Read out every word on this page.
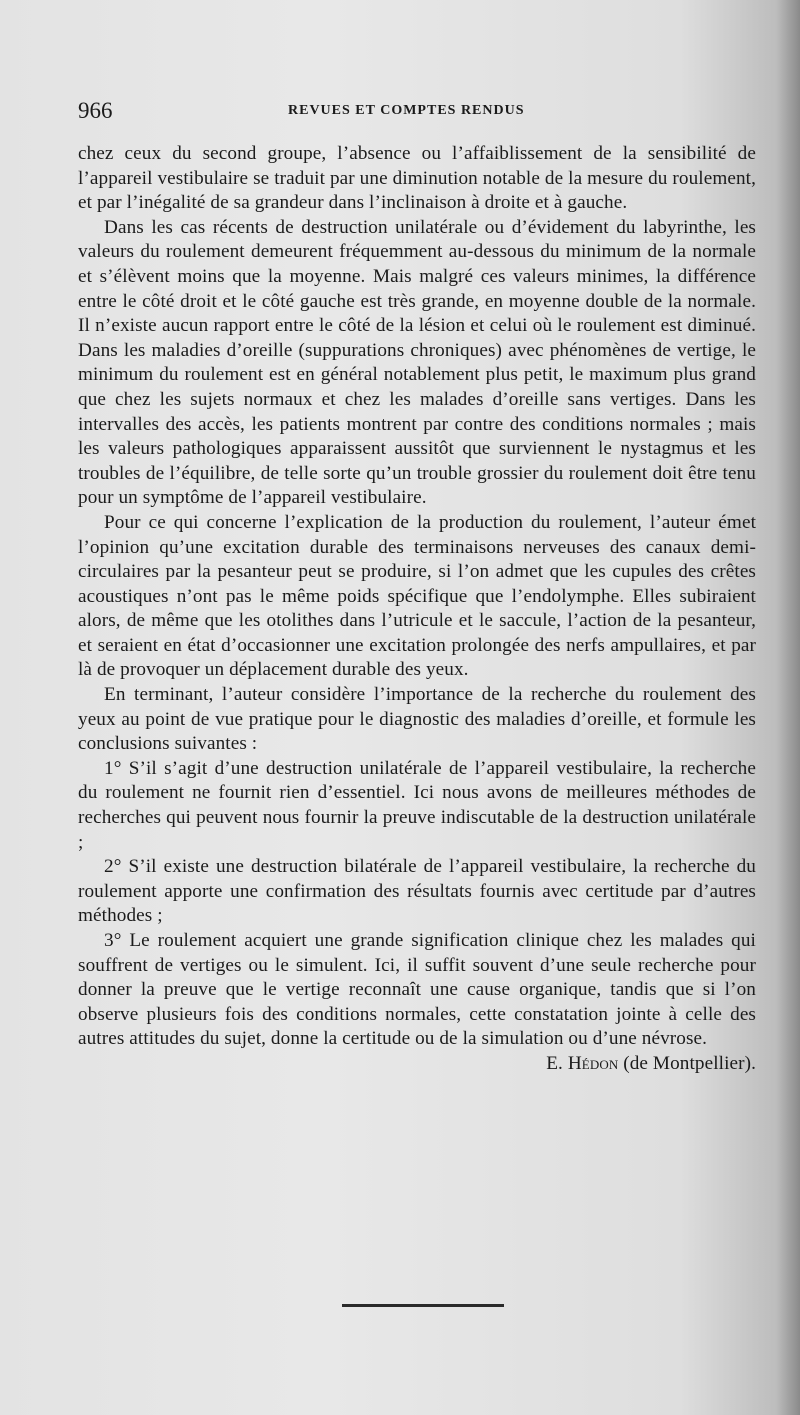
966	REVUES ET COMPTES RENDUS

chez ceux du second groupe, l’absence ou l’affaiblissement de la sensibilité de l’appareil vestibulaire se traduit par une diminution notable de la mesure du roulement, et par l’inégalité de sa grandeur dans l’inclinaison à droite et à gauche.

Dans les cas récents de destruction unilatérale ou d’évidement du labyrinthe, les valeurs du roulement demeurent fréquemment au-dessous du minimum de la normale et s’élèvent moins que la moyenne. Mais malgré ces valeurs minimes, la différence entre le côté droit et le côté gauche est très grande, en moyenne double de la normale. Il n’existe aucun rapport entre le côté de la lésion et celui où le roulement est diminué. Dans les maladies d’oreille (suppurations chroniques) avec phénomènes de vertige, le minimum du roulement est en général notablement plus petit, le maximum plus grand que chez les sujets normaux et chez les malades d’oreille sans vertiges. Dans les intervalles des accès, les patients montrent par contre des conditions normales ; mais les valeurs pathologiques apparaissent aussitôt que surviennent le nystagmus et les troubles de l’équilibre, de telle sorte qu’un trouble grossier du roulement doit être tenu pour un symptôme de l’appareil vestibulaire.

Pour ce qui concerne l’explication de la production du roulement, l’auteur émet l’opinion qu’une excitation durable des terminaisons nerveuses des canaux demi-circulaires par la pesanteur peut se produire, si l’on admet que les cupules des crêtes acoustiques n’ont pas le même poids spécifique que l’endolymphe. Elles subiraient alors, de même que les otolithes dans l’utricule et le saccule, l’action de la pesanteur, et seraient en état d’occasionner une excitation prolongée des nerfs ampullaires, et par là de provoquer un déplacement durable des yeux.

En terminant, l’auteur considère l’importance de la recherche du roulement des yeux au point de vue pratique pour le diagnostic des maladies d’oreille, et formule les conclusions suivantes :

1° S’il s’agit d’une destruction unilatérale de l’appareil vestibulaire, la recherche du roulement ne fournit rien d’essentiel. Ici nous avons de meilleures méthodes de recherches qui peuvent nous fournir la preuve indiscutable de la destruction unilatérale ;

2° S’il existe une destruction bilatérale de l’appareil vestibulaire, la recherche du roulement apporte une confirmation des résultats fournis avec certitude par d’autres méthodes ;

3° Le roulement acquiert une grande signification clinique chez les malades qui souffrent de vertiges ou le simulent. Ici, il suffit souvent d’une seule recherche pour donner la preuve que le vertige reconnaît une cause organique, tandis que si l’on observe plusieurs fois des conditions normales, cette constatation jointe à celle des autres attitudes du sujet, donne la certitude ou de la simulation ou d’une névrose.
E. Hédon (de Montpellier).
